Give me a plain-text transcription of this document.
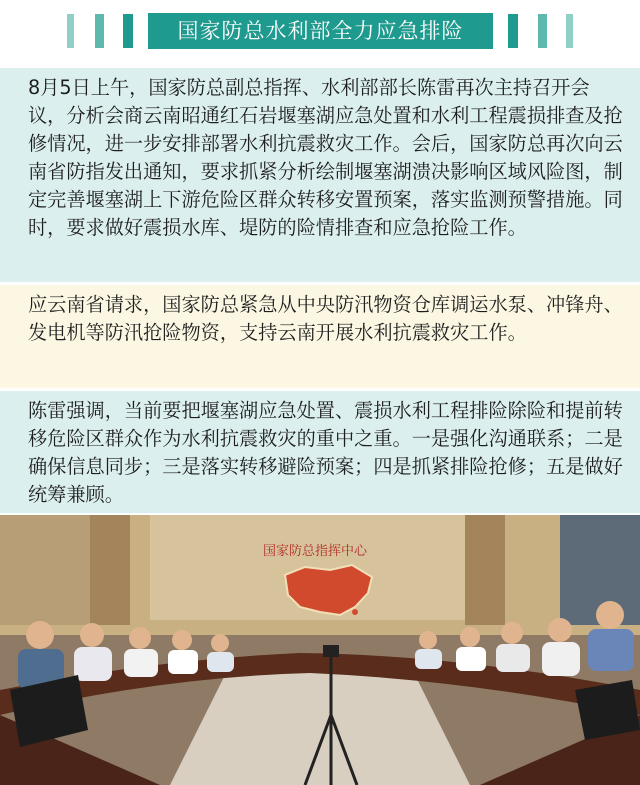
国家防总水利部全力应急排险

8月5日上午，国家防总副总指挥、水利部部长陈雷再次主持召开会议，分析会商云南昭通红石岩堰塞湖应急处置和水利工程震损排查及抢修情况，进一步安排部署水利抗震救灾工作。会后，国家防总再次向云南省防指发出通知，要求抓紧分析绘制堰塞湖溃决影响区域风险图，制定完善堰塞湖上下游危险区群众转移安置预案，落实监测预警措施。同时，要求做好震损水库、堤防的险情排查和应急抢险工作。

应云南省请求，国家防总紧急从中央防汛物资仓库调运水泵、冲锋舟、发电机等防汛抢险物资，支持云南开展水利抗震救灾工作。

陈雷强调，当前要把堰塞湖应急处置、震损水利工程排险除险和提前转移危险区群众作为水利抗震救灾的重中之重。一是强化沟通联系；二是确保信息同步；三是落实转移避险预案；四是抓紧排险抢修；五是做好统筹兼顾。

国家防总指挥中心
